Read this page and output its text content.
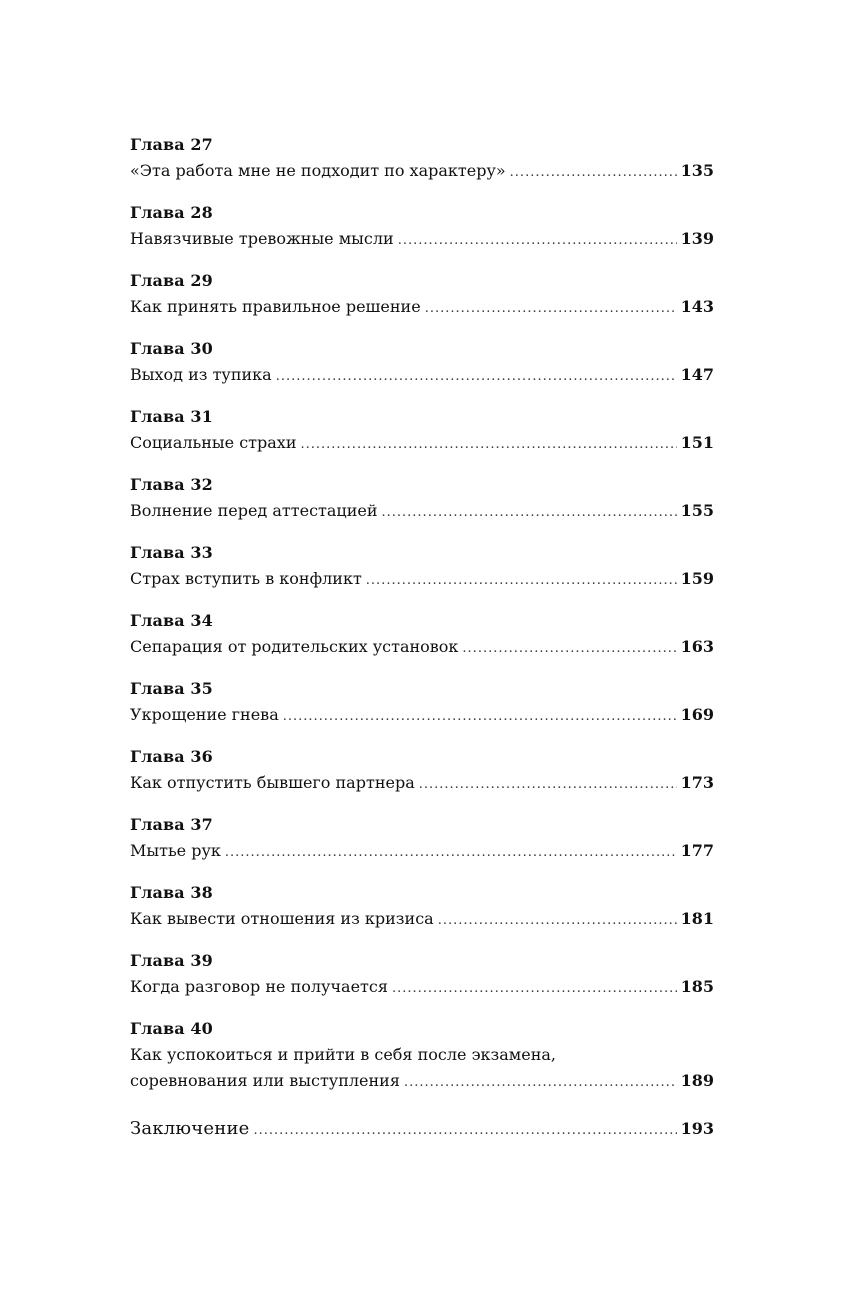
Глава 27
«Эта работа мне не подходит по характеру» .....	135
Глава 28
Навязчивые тревожные мысли .....	139
Глава 29
Как принять правильное решение .....	143
Глава 30
Выход из тупика .....	147
Глава 31
Социальные страхи .....	151
Глава 32
Волнение перед аттестацией .....	155
Глава 33
Страх вступить в конфликт .....	159
Глава 34
Сепарация от родительских установок .....	163
Глава 35
Укрощение гнева .....	169
Глава 36
Как отпустить бывшего партнера .....	173
Глава 37
Мытье рук .....	177
Глава 38
Как вывести отношения из кризиса .....	181
Глава 39
Когда разговор не получается .....	185
Глава 40
Как успокоиться и прийти в себя после экзамена,
соревнования или выступления .....	189
Заключение .....	193
